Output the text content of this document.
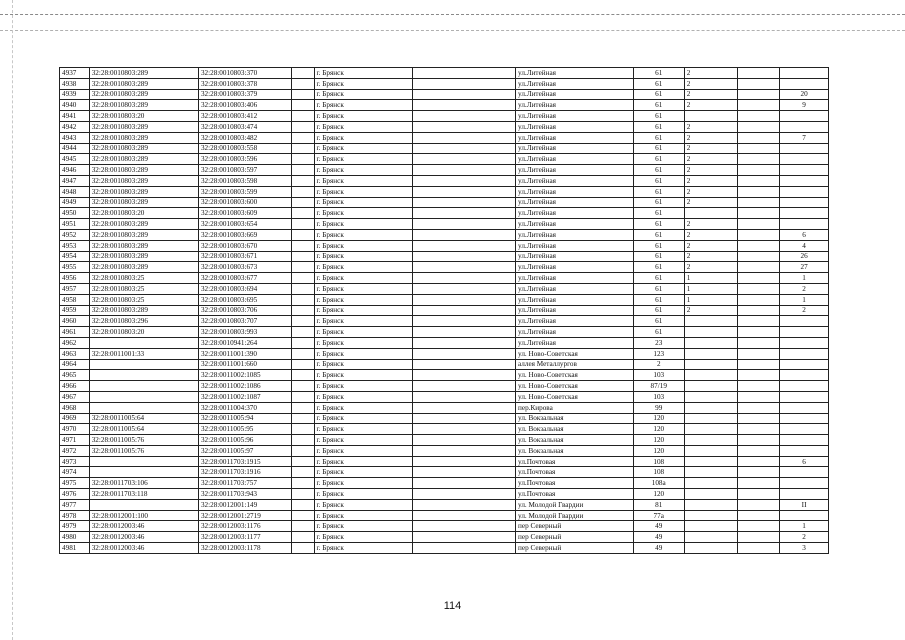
4937	32:28:0010803:289	32:28:0010803:370		г. Брянск		ул.Литейная	61	2		
4938	32:28:0010803:289	32:28:0010803:378		г. Брянск		ул.Литейная	61	2		
4939	32:28:0010803:289	32:28:0010803:379		г. Брянск		ул.Литейная	61	2		20
4940	32:28:0010803:289	32:28:0010803:406		г. Брянск		ул.Литейная	61	2		9
4941	32:28:0010803:20	32:28:0010803:412		г. Брянск		ул.Литейная	61			
4942	32:28:0010803:289	32:28:0010803:474		г. Брянск		ул.Литейная	61	2		
4943	32:28:0010803:289	32:28:0010803:482		г. Брянск		ул.Литейная	61	2		7
4944	32:28:0010803:289	32:28:0010803:558		г. Брянск		ул.Литейная	61	2		
4945	32:28:0010803:289	32:28:0010803:596		г. Брянск		ул.Литейная	61	2		
4946	32:28:0010803:289	32:28:0010803:597		г. Брянск		ул.Литейная	61	2		
4947	32:28:0010803:289	32:28:0010803:598		г. Брянск		ул.Литейная	61	2		
4948	32:28:0010803:289	32:28:0010803:599		г. Брянск		ул.Литейная	61	2		
4949	32:28:0010803:289	32:28:0010803:600		г. Брянск		ул.Литейная	61	2		
4950	32:28:0010803:20	32:28:0010803:609		г. Брянск		ул.Литейная	61			
4951	32:28:0010803:289	32:28:0010803:654		г. Брянск		ул.Литейная	61	2		
4952	32:28:0010803:289	32:28:0010803:669		г. Брянск		ул.Литейная	61	2		6
4953	32:28:0010803:289	32:28:0010803:670		г. Брянск		ул.Литейная	61	2		4
4954	32:28:0010803:289	32:28:0010803:671		г. Брянск		ул.Литейная	61	2		26
4955	32:28:0010803:289	32:28:0010803:673		г. Брянск		ул.Литейная	61	2		27
4956	32:28:0010803:25	32:28:0010803:677		г. Брянск		ул.Литейная	61	1		1
4957	32:28:0010803:25	32:28:0010803:694		г. Брянск		ул.Литейная	61	1		2
4958	32:28:0010803:25	32:28:0010803:695		г. Брянск		ул.Литейная	61	1		1
4959	32:28:0010803:289	32:28:0010803:706		г. Брянск		ул.Литейная	61	2		2
4960	32:28:0010803:296	32:28:0010803:707		г. Брянск		ул.Литейная	61			
4961	32:28:0010803:20	32:28:0010803:993		г. Брянск		ул.Литейная	61			
4962		32:28:0010941:264		г. Брянск		ул.Литейная	23			
4963	32:28:0011001:33	32:28:0011001:390		г. Брянск		ул. Ново-Советская	123			
4964		32:28:0011001:660		г. Брянск		аллея Металлургов	2			
4965		32:28:0011002:1085		г. Брянск		ул. Ново-Советская	103			
4966		32:28:0011002:1086		г. Брянск		ул. Ново-Советская	87/19			
4967		32:28:0011002:1087		г. Брянск		ул. Ново-Советская	103			
4968		32:28:0011004:370		г. Брянск		пер.Кирова	99			
4969	32:28:0011005:64	32:28:0011005:94		г. Брянск		ул. Вокзальная	120			
4970	32:28:0011005:64	32:28:0011005:95		г. Брянск		ул. Вокзальная	120			
4971	32:28:0011005:76	32:28:0011005:96		г. Брянск		ул. Вокзальная	120			
4972	32:28:0011005:76	32:28:0011005:97		г. Брянск		ул. Вокзальная	120			
4973		32:28:0011703:1915		г. Брянск		ул.Почтовая	108			6
4974		32:28:0011703:1916		г. Брянск		ул.Почтовая	108			
4975	32:28:0011703:106	32:28:0011703:757		г. Брянск		ул.Почтовая	108а			
4976	32:28:0011703:118	32:28:0011703:943		г. Брянск		ул.Почтовая	120			
4977		32:28:0012001:149		г. Брянск		ул. Молодой Гвардии	81			II
4978	32:28:0012001:100	32:28:0012001:2719		г. Брянск		ул. Молодой Гвардии	77а			
4979	32:28:0012003:46	32:28:0012003:1176		г. Брянск		пер Северный	49			1
4980	32:28:0012003:46	32:28:0012003:1177		г. Брянск		пер Северный	49			2
4981	32:28:0012003:46	32:28:0012003:1178		г. Брянск		пер Северный	49			3
114
